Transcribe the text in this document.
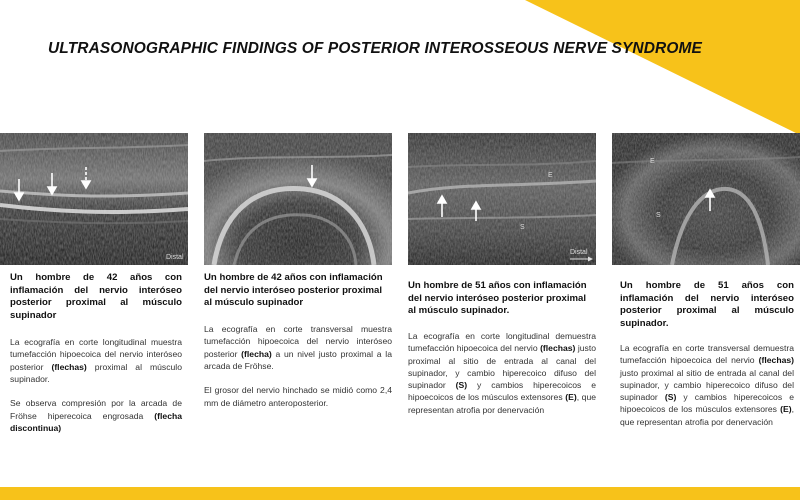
ULTRASONOGRAPHIC FINDINGS OF POSTERIOR INTEROSSEOUS NERVE SYNDROME
Distal
Un hombre de 42 años con inflamación del nervio interóseo posterior proximal al músculo supinador

La ecografía en corte longitudinal muestra tumefacción hipoecoica del nervio interóseo posterior (flechas) proximal al músculo supinador.

Se observa compresión por la arcada de Fröhse hiperecoica engrosada (flecha discontinua)

Un hombre de 42 años con inflamación del nervio interóseo posterior proximal al músculo supinador

La ecografía en corte transversal muestra tumefacción hipoecoica del nervio interóseo posterior (flecha) a un nivel justo proximal a la arcada de Fröhse.

El grosor del nervio hinchado se midió como 2,4 mm de diámetro anteroposterior.

E
S
Distal
Un hombre de 51 años con inflamación del nervio interóseo posterior proximal al músculo supinador.

La ecografía en corte longitudinal demuestra tumefacción hipoecoica del nervio (flechas) justo proximal al sitio de entrada al canal del supinador, y cambio hiperecoico difuso del supinador (S) y cambios hiperecoicos e hipoecoicos de los músculos extensores (E), que representan atrofia por denervación

E
S
Un hombre de 51 años con inflamación del nervio interóseo posterior proximal al músculo supinador.

La ecografía en corte transversal demuestra tumefacción hipoecoica del nervio (flechas) justo proximal al sitio de entrada al canal del supinador, y cambio hiperecoico difuso del supinador (S) y cambios hiperecoicos e hipoecoicos de los músculos extensores (E), que representan atrofia por denervación
